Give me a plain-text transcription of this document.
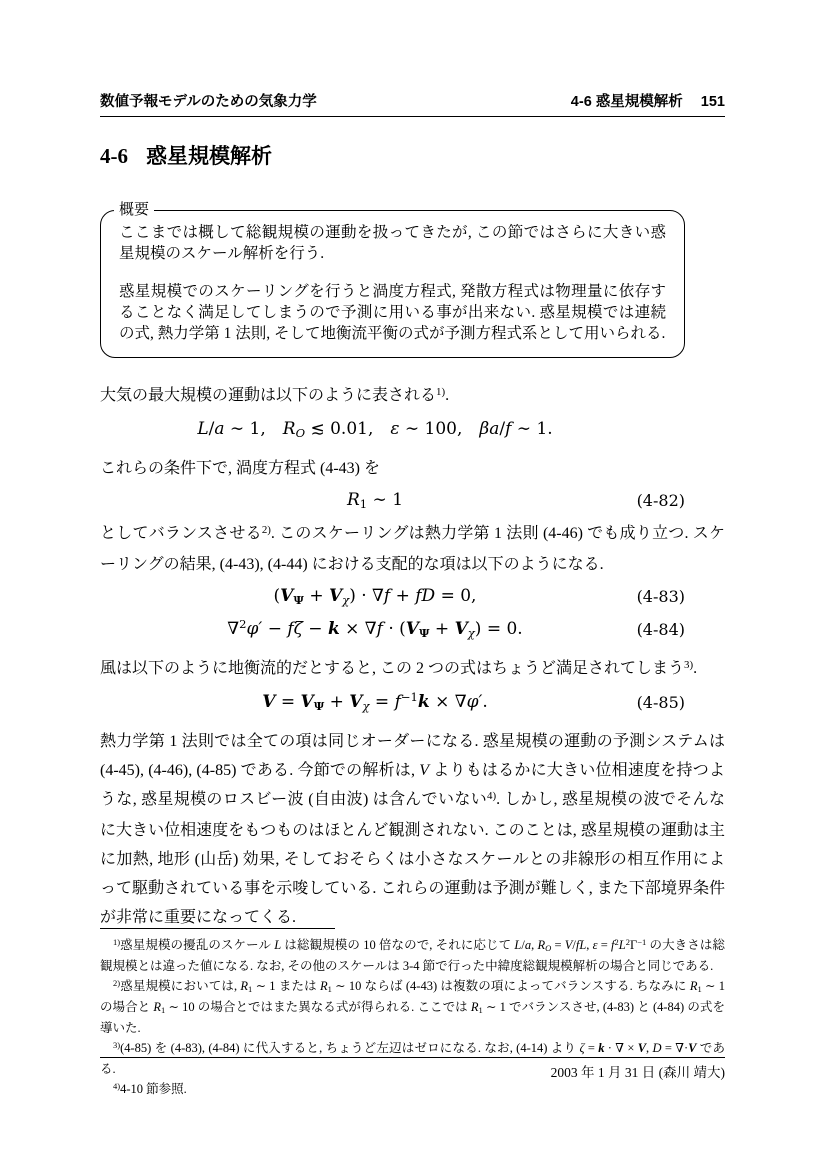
数値予報モデルのための気象力学	4-6 惑星規模解析 151
4-6 惑星規模解析
概要

ここまでは概して総観規模の運動を扱ってきたが, この節ではさらに大きい惑星規模のスケール解析を行う.

惑星規模でのスケーリングを行うと渦度方程式, 発散方程式は物理量に依存することなく満足してしまうので予測に用いる事が出来ない. 惑星規模では連続の式, 熱力学第 1 法則, そして地衡流平衡の式が予測方程式系として用いられる.

大気の最大規模の運動は以下のように表される$^{1)}$.

L/a ∼ 1, RO ≲ 0.01, ε ∼ 100, βa/f ∼ 1.

これらの条件下で, 渦度方程式 (4-43) を

R1 ∼ 1	(4-82)

としてバランスさせる$^{2)}$. このスケーリングは熱力学第 1 法則 (4-46) でも成り立つ. スケーリングの結果, (4-43), (4-44) における支配的な項は以下のようになる.

(VΨ + Vχ) · ∇f + fD = 0,	(4-83)
∇$^2$φ′ − fζ − k × ∇f · (VΨ + Vχ) = 0.	(4-84)

風は以下のように地衡流的だとすると, この 2 つの式はちょうど満足されてしまう$^{3)}$.

$V = V\Psi + V\chi = f^{-1}k \times \nabla\varphi'$.	(4-85)

熱力学第 1 法則では全ての項は同じオーダーになる. 惑星規模の運動の予測システムは (4-45), (4-46), (4-85) である. 今節での解析は, V よりもはるかに大きい位相速度を持つような, 惑星規模のロスビー波 (自由波) は含んでいない$^{4)}$. しかし, 惑星規模の波でそんなに大きい位相速度をもつものはほとんど観測されない. このことは, 惑星規模の運動は主に加熱, 地形 (山岳) 効果, そしておそらくは小さなスケールとの非線形の相互作用によって駆動されている事を示唆している. これらの運動は予測が難しく, また下部境界条件が非常に重要になってくる.

$^{1)}$惑星規模の擾乱のスケール L は総観規模の 10 倍なので, それに応じて L/a, RO = V/fL, $\varepsilon = f^2L^2\Gamma^{-1}$ の大きさは総観規模とは違った値になる. なお, その他のスケールは 3-4 節で行った中緯度総観規模解析の場合と同じである.

$^{2)}$惑星規模においては, R1 ∼ 1 または R1 ∼ 10 ならば (4-43) は複数の項によってバランスする. ちなみに R1 ∼ 1 の場合と R1 ∼ 10 の場合とではまた異なる式が得られる. ここでは R1 ∼ 1 でバランスさせ, (4-83) と (4-84) の式を導いた.

$^{3)}$(4-85) を (4-83), (4-84) に代入すると, ちょうど左辺はゼロになる. なお, (4-14) より ζ = k · ∇ × V, D = ∇·V である.

$^{4)}$4-10 節参照.

2003 年 1 月 31 日 (森川 靖大)
